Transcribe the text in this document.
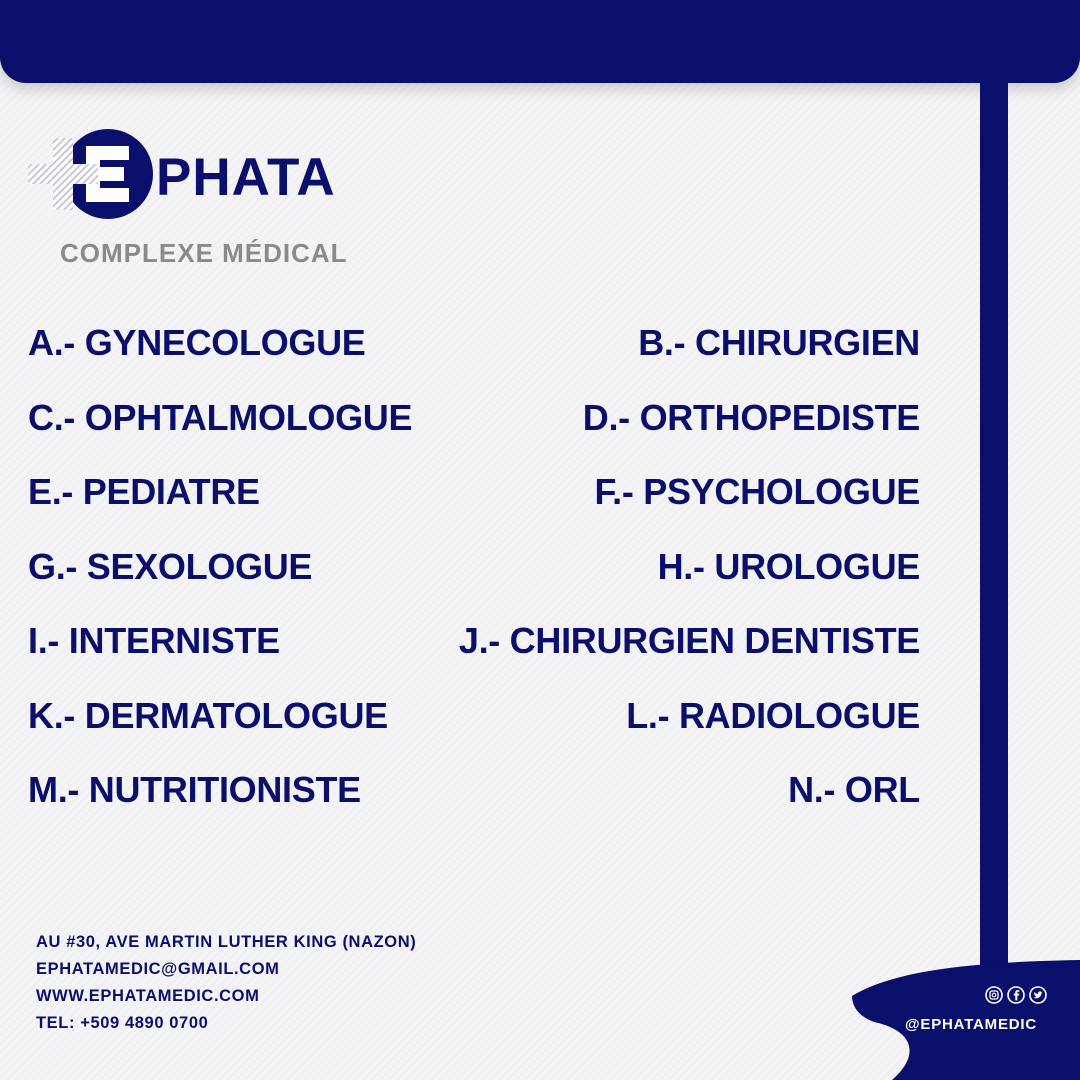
PHATA
COMPLEXE MÉDICAL
A.- GYNECOLOGUE
C.- OPHTALMOLOGUE
E.- PEDIATRE
G.- SEXOLOGUE
I.- INTERNISTE
K.- DERMATOLOGUE
M.- NUTRITIONISTE
B.- CHIRURGIEN
D.- ORTHOPEDISTE
F.- PSYCHOLOGUE
H.- UROLOGUE
J.- CHIRURGIEN DENTISTE
L.- RADIOLOGUE
N.- ORL
AU #30, AVE MARTIN LUTHER KING (NAZON)
EPHATAMEDIC@GMAIL.COM
WWW.EPHATAMEDIC.COM
TEL: +509 4890 0700	@EPHATAMEDIC
